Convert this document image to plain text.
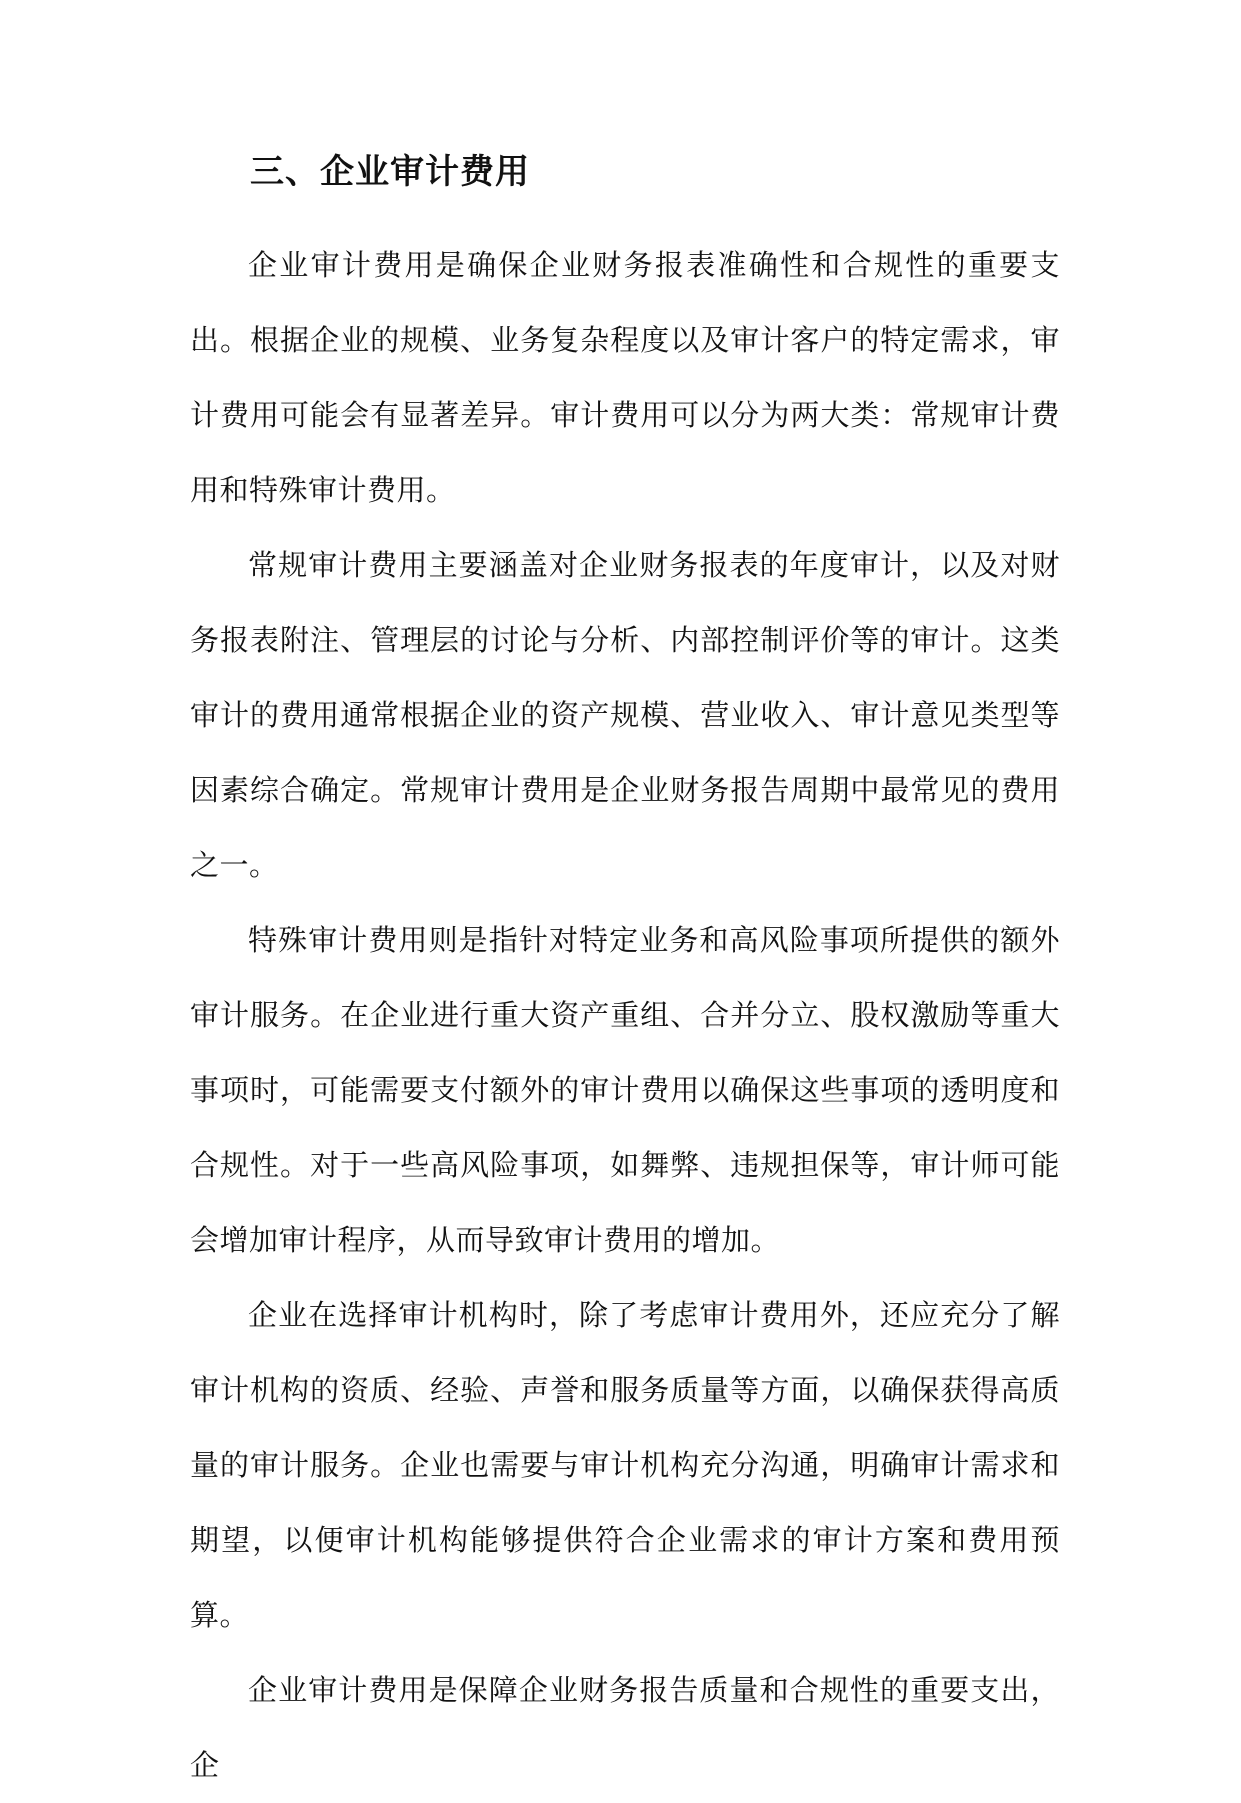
三、企业审计费用

企业审计费用是确保企业财务报表准确性和合规性的重要支出。根据企业的规模、业务复杂程度以及审计客户的特定需求，审计费用可能会有显著差异。审计费用可以分为两大类：常规审计费用和特殊审计费用。

常规审计费用主要涵盖对企业财务报表的年度审计，以及对财务报表附注、管理层的讨论与分析、内部控制评价等的审计。这类审计的费用通常根据企业的资产规模、营业收入、审计意见类型等因素综合确定。常规审计费用是企业财务报告周期中最常见的费用之一。

特殊审计费用则是指针对特定业务和高风险事项所提供的额外审计服务。在企业进行重大资产重组、合并分立、股权激励等重大事项时，可能需要支付额外的审计费用以确保这些事项的透明度和合规性。对于一些高风险事项，如舞弊、违规担保等，审计师可能会增加审计程序，从而导致审计费用的增加。

企业在选择审计机构时，除了考虑审计费用外，还应充分了解审计机构的资质、经验、声誉和服务质量等方面，以确保获得高质量的审计服务。企业也需要与审计机构充分沟通，明确审计需求和期望，以便审计机构能够提供符合企业需求的审计方案和费用预算。

企业审计费用是保障企业财务报告质量和合规性的重要支出，企
